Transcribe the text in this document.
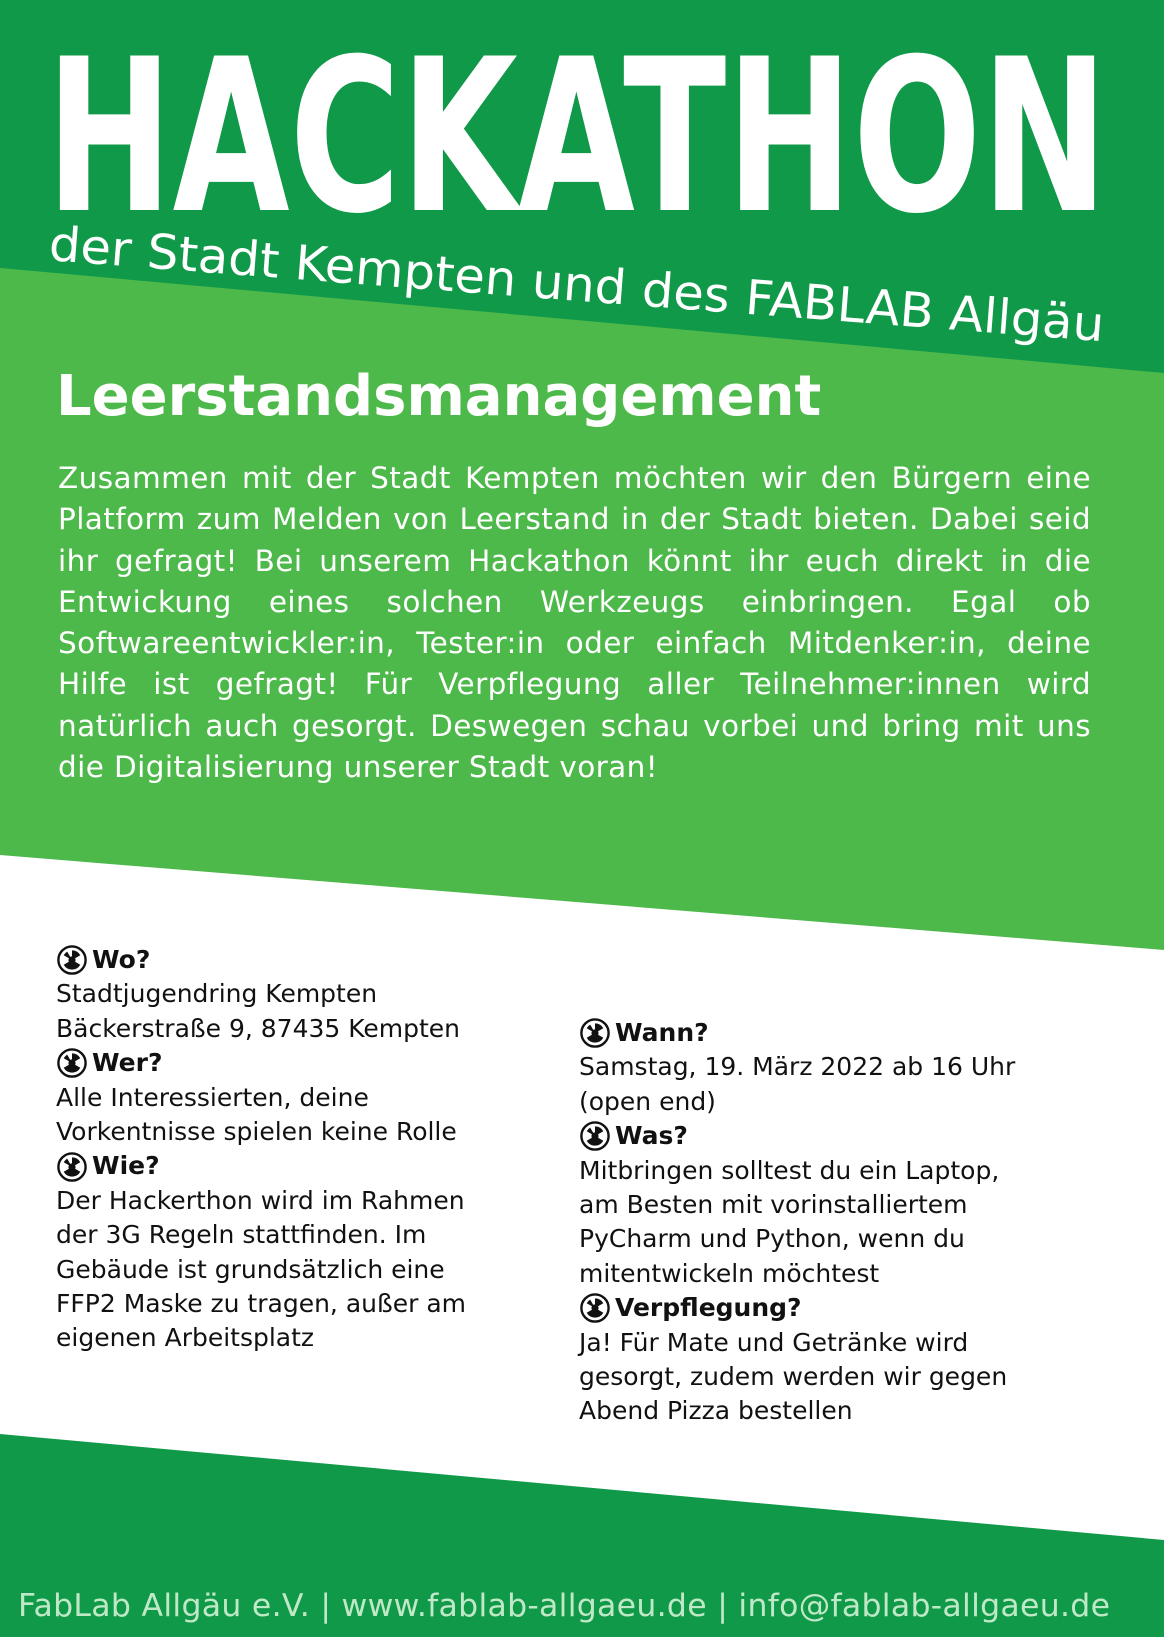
HACKATHON
der Stadt Kempten und des FABLAB Allgäu
Leerstandsmanagement

Zusammen mit der Stadt Kempten möchten wir den Bürgern eine Platform zum Melden von Leerstand in der Stadt bieten. Dabei seid ihr gefragt! Bei unserem Hackathon könnt ihr euch direkt in die Entwickung eines solchen Werkzeugs einbringen. Egal ob Softwareentwickler:in, Tester:in oder einfach Mitdenker:in, deine Hilfe ist gefragt! Für Verpflegung aller Teilnehmer:innen wird natürlich auch gesorgt. Deswegen schau vorbei und bring mit uns die Digitalisierung unserer Stadt voran!

Wo?

Stadtjugendring Kempten
Bäckerstraße 9, 87435 Kempten

Wer?

Alle Interessierten, deine
Vorkentnisse spielen keine Rolle

Wie?

Der Hackerthon wird im Rahmen
der 3G Regeln stattfinden. Im
Gebäude ist grundsätzlich eine
FFP2 Maske zu tragen, außer am
eigenen Arbeitsplatz

Wann?

Samstag, 19. März 2022 ab 16 Uhr
(open end)

Was?

Mitbringen solltest du ein Laptop,
am Besten mit vorinstalliertem
PyCharm und Python, wenn du
mitentwickeln möchtest

Verpflegung?

Ja! Für Mate und Getränke wird
gesorgt, zudem werden wir gegen
Abend Pizza bestellen

FabLab Allgäu e.V. | www.fablab-allgaeu.de | info@fablab-allgaeu.de
